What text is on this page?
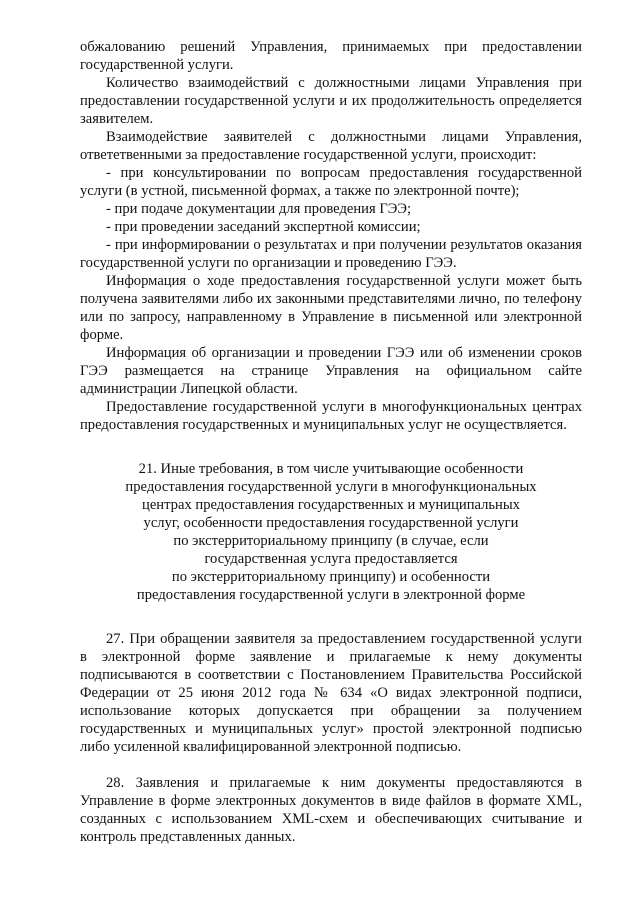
обжалованию решений Управления, принимаемых при предоставлении государственной услуги.

Количество взаимодействий с должностными лицами Управления при предоставлении государственной услуги и их продолжительность определяется заявителем.

Взаимодействие заявителей с должностными лицами Управления, ответетвенными за предоставление государственной услуги, происходит:

- при консультировании по вопросам предоставления государственной услуги (в устной, письменной формах, а также по электронной почте);

- при подаче документации для проведения ГЭЭ;

- при проведении заседаний экспертной комиссии;

- при информировании о результатах и при получении результатов оказания государственной услуги по организации и проведению ГЭЭ.

Информация о ходе предоставления государственной услуги может быть получена заявителями либо их законными представителями лично, по телефону или по запросу, направленному в Управление в письменной или электронной форме.

Информация об организации и проведении ГЭЭ или об изменении сроков ГЭЭ размещается на странице Управления на официальном сайте администрации Липецкой области.

Предоставление государственной услуги в многофункциональных центрах предоставления государственных и муниципальных услуг не осуществляется.

21. Иные требования, в том числе учитывающие особенности
предоставления государственной услуги в многофункциональных
центрах предоставления государственных и муниципальных
услуг, особенности предоставления государственной услуги
по экстерриториальному принципу (в случае, если
государственная услуга предоставляется
по экстерриториальному принципу) и особенности
предоставления государственной услуги в электронной форме

27. При обращении заявителя за предоставлением государственной услуги в электронной форме заявление и прилагаемые к нему документы подписываются в соответствии с Постановлением Правительства Российской Федерации от 25 июня 2012 года № 634 «О видах электронной подписи, использование которых допускается при обращении за получением государственных и муниципальных услуг» простой электронной подписью либо усиленной квалифицированной электронной подписью.

28. Заявления и прилагаемые к ним документы предоставляются в Управление в форме электронных документов в виде файлов в формате XML, созданных с использованием XML-схем и обеспечивающих считывание и контроль представленных данных.
